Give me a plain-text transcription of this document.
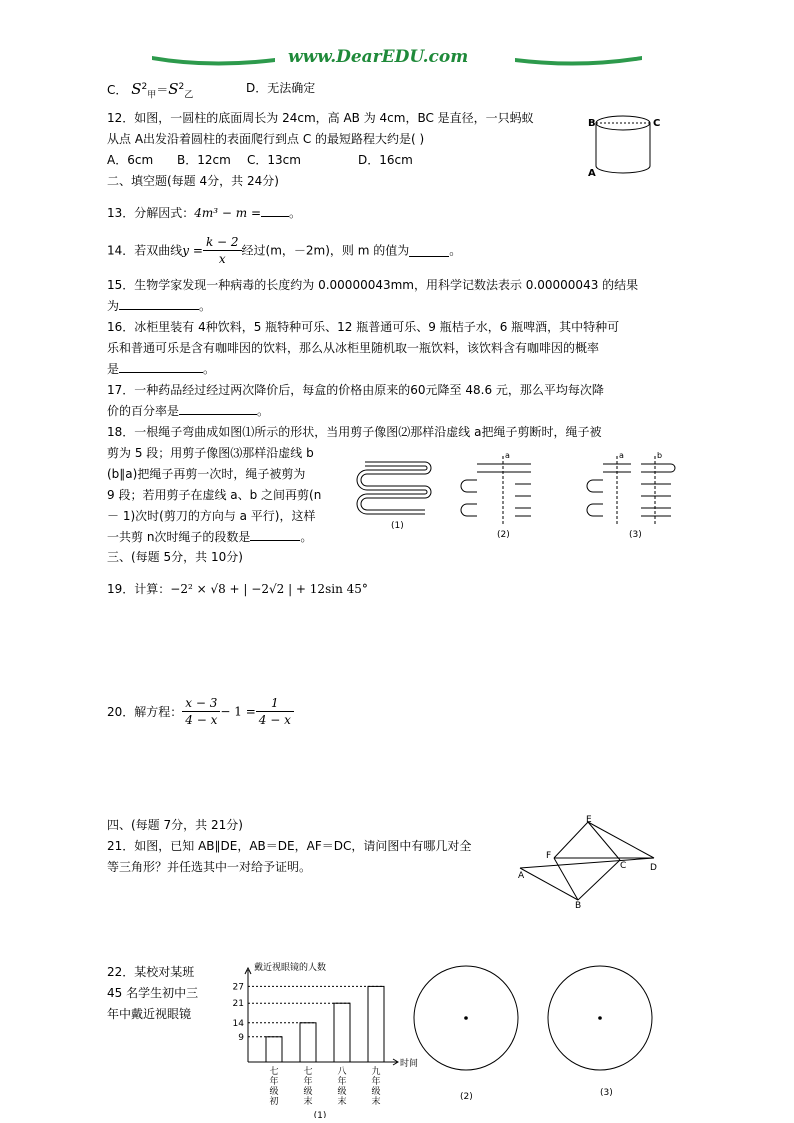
www.DearEDU.com
C． $S^2_甲=S^2_乙$
D．无法确定
12．如图，一圆柱的底面周长为 24cm，高 AB 为 4cm，BC 是直径，一只蚂蚁
从点 A出发沿着圆柱的表面爬行到点 C 的最短路程大约是( )
A．6cm B．12cm C．13cm	D．16cm
B	C
A
二、填空题(每题 4分，共 24分)
13．分解因式：4m³ − m = 。
14．若双曲线$y = \frac{k - 2}{x}$ 经过(m，－2m)，则 m 的值为	。
15．生物学家发现一种病毒的长度约为 0.00000043mm，用科学记数法表示 0.00000043 的结果
为	。
16．冰柜里装有 4种饮料，5 瓶特种可乐、12 瓶普通可乐、9 瓶桔子水，6 瓶啤酒，其中特种可
乐和普通可乐是含有咖啡因的饮料，那么从冰柜里随机取一瓶饮料，该饮料含有咖啡因的概率
是	。
17．一种药品经过经过两次降价后，每盒的价格由原来的60元降至 48.6 元，那么平均每次降
价的百分率是	。
18．一根绳子弯曲成如图⑴所示的形状，当用剪子像图⑵那样沿虚线 a把绳子剪断时，绳子被
剪为 5 段；用剪子像图⑶那样沿虚线 b
(b∥a)把绳子再剪一次时，绳子被剪为
9 段；若用剪子在虚线 a、b 之间再剪(n
－ 1)次时(剪刀的方向与 a 平行)，这样
一共剪 n次时绳子的段数是	。
(1)
a
(2)
a	b
(3)
三、(每题 5分，共 10分)
19．计算：−2² × √8 + | −2√2 | + 12sin 45°
20．解方程： $\frac{x - 3}{4 - x} - 1 = \frac{1}{4 - x}$
四、(每题 7分，共 21分)
21．如图，已知 AB∥DE，AB＝DE，AF＝DC，请问图中有哪几对全
等三角形？并任选其中一对给予证明。
A
B
C	D
E
F
22．某校对某班
45 名学生初中三
年中戴近视眼镜
戴近视眼镜的人数
时间
9
七
年
级
初
14
七
年
级
末
21
八
年
级
末
27
九
年
级
末
(1)
(2)	(3)
